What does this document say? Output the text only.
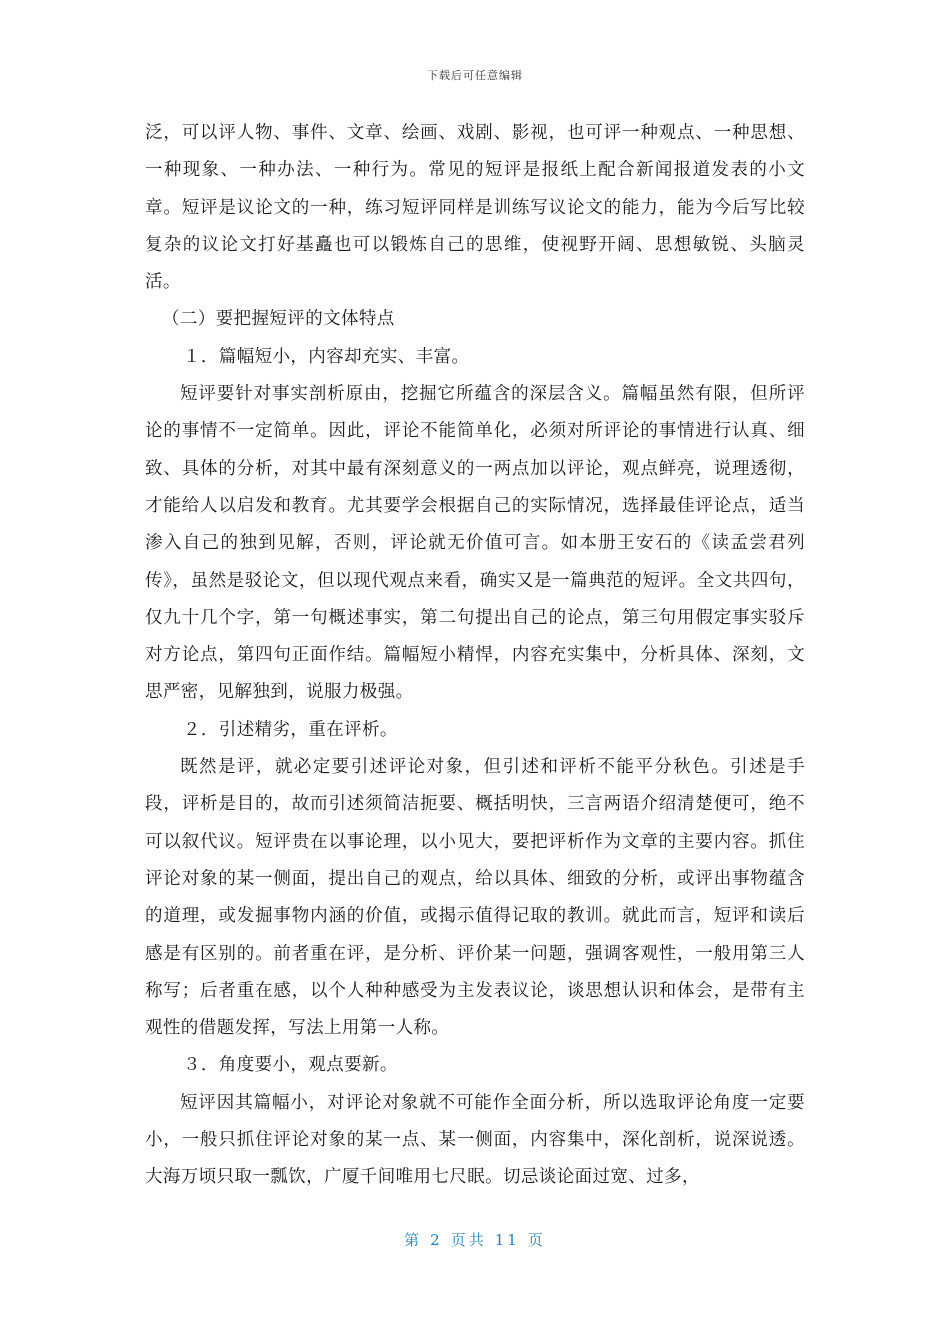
下载后可任意编辑

泛，可以评人物、事件、文章、绘画、戏剧、影视，也可评一种观点、一种思想、一种现象、一种办法、一种行为。常见的短评是报纸上配合新闻报道发表的小文章。短评是议论文的一种，练习短评同样是训练写议论文的能力，能为今后写比较复杂的议论文打好基矗也可以锻炼自己的思维，使视野开阔、思想敏锐、头脑灵活。

（二）要把握短评的文体特点

１．篇幅短小，内容却充实、丰富。

短评要针对事实剖析原由，挖掘它所蕴含的深层含义。篇幅虽然有限，但所评论的事情不一定简单。因此，评论不能简单化，必须对所评论的事情进行认真、细致、具体的分析，对其中最有深刻意义的一两点加以评论，观点鲜亮，说理透彻，才能给人以启发和教育。尤其要学会根据自己的实际情况，选择最佳评论点，适当渗入自己的独到见解，否则，评论就无价值可言。如本册王安石的《读孟尝君列传》，虽然是驳论文，但以现代观点来看，确实又是一篇典范的短评。全文共四句，仅九十几个字，第一句概述事实，第二句提出自己的论点，第三句用假定事实驳斥对方论点，第四句正面作结。篇幅短小精悍，内容充实集中，分析具体、深刻，文思严密，见解独到，说服力极强。

２．引述精劣，重在评析。

既然是评，就必定要引述评论对象，但引述和评析不能平分秋色。引述是手段，评析是目的，故而引述须简洁扼要、概括明快，三言两语介绍清楚便可，绝不可以叙代议。短评贵在以事论理，以小见大，要把评析作为文章的主要内容。抓住评论对象的某一侧面，提出自己的观点，给以具体、细致的分析，或评出事物蕴含的道理，或发掘事物内涵的价值，或揭示值得记取的教训。就此而言，短评和读后感是有区别的。前者重在评，是分析、评价某一问题，强调客观性，一般用第三人称写；后者重在感，以个人种种感受为主发表议论，谈思想认识和体会，是带有主观性的借题发挥，写法上用第一人称。

３．角度要小，观点要新。

短评因其篇幅小，对评论对象就不可能作全面分析，所以选取评论角度一定要小，一般只抓住评论对象的某一点、某一侧面，内容集中，深化剖析，说深说透。大海万顷只取一瓢饮，广厦千间唯用七尺眠。切忌谈论面过宽、过多，

第 2 页共 11 页
